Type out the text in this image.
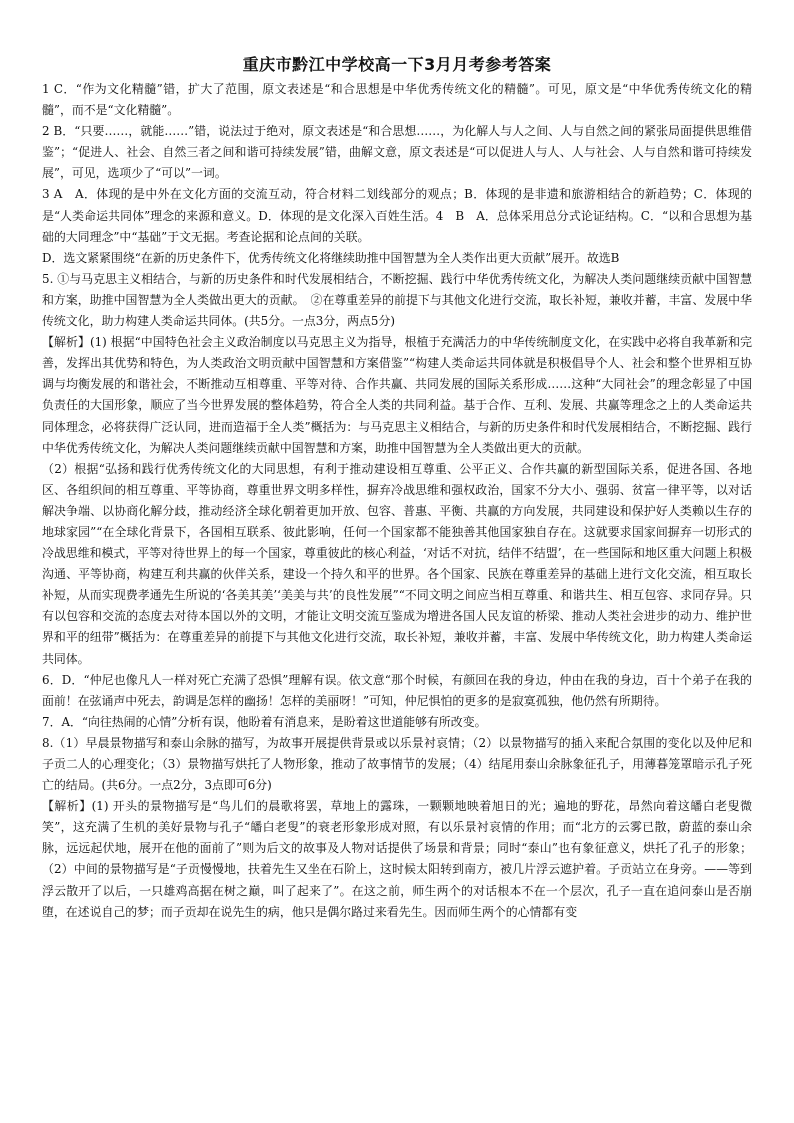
重庆市黔江中学校高一下3月月考参考答案

1 C．“作为文化精髓”错，扩大了范围，原文表述是“和合思想是中华优秀传统文化的精髓”。可见，原文是“中华优秀传统文化的精髓”，而不是“文化精髓”。

2 B．“只要……，就能……”错，说法过于绝对，原文表述是“和合思想……，为化解人与人之间、人与自然之间的紧张局面提供思维借鉴”；“促进人、社会、自然三者之间和谐可持续发展”错，曲解文意，原文表述是“可以促进人与人、人与社会、人与自然和谐可持续发展”，可见，选项少了“可以”一词。

3 A　A．体现的是中外在文化方面的交流互动，符合材料二划线部分的观点；B．体现的是非遗和旅游相结合的新趋势；C．体现的是“人类命运共同体”理念的来源和意义。D．体现的是文化深入百姓生活。4　B　A．总体采用总分式论证结构。C．“以和合思想为基础的大同理念”中“基础”于文无据。考查论据和论点间的关联。

D．选文紧紧围绕“在新的历史条件下，优秀传统文化将继续助推中国智慧为全人类作出更大贡献”展开。故选B

5. ①与马克思主义相结合，与新的历史条件和时代发展相结合，不断挖掘、践行中华优秀传统文化，为解决人类问题继续贡献中国智慧和方案，助推中国智慧为全人类做出更大的贡献。　②在尊重差异的前提下与其他文化进行交流，取长补短，兼收并蓄，丰富、发展中华传统文化，助力构建人类命运共同体。(共5分。一点3分，两点5分)

【解析】(1) 根据“中国特色社会主义政治制度以马克思主义为指导，根植于充满活力的中华传统制度文化，在实践中必将自我革新和完善，发挥出其优势和特色，为人类政治文明贡献中国智慧和方案借鉴”“构建人类命运共同体就是积极倡导个人、社会和整个世界相互协调与均衡发展的和谐社会，不断推动互相尊重、平等对待、合作共赢、共同发展的国际关系形成……这种“大同社会”的理念彰显了中国负责任的大国形象，顺应了当今世界发展的整体趋势，符合全人类的共同利益。基于合作、互利、发展、共赢等理念之上的人类命运共同体理念，必将获得广泛认同，进而造福于全人类”概括为：与马克思主义相结合，与新的历史条件和时代发展相结合，不断挖掘、践行中华优秀传统文化，为解决人类问题继续贡献中国智慧和方案，助推中国智慧为全人类做出更大的贡献。

（2）根据“弘扬和践行优秀传统文化的大同思想，有利于推动建设相互尊重、公平正义、合作共赢的新型国际关系，促进各国、各地区、各组织间的相互尊重、平等协商，尊重世界文明多样性，摒弃冷战思维和强权政治，国家不分大小、强弱、贫富一律平等，以对话解决争端、以协商化解分歧，推动经济全球化朝着更加开放、包容、普惠、平衡、共赢的方向发展，共同建设和保护好人类赖以生存的地球家园”“在全球化背景下，各国相互联系、彼此影响，任何一个国家都不能独善其他国家独自存在。这就要求国家间摒弃一切形式的冷战思维和模式，平等对待世界上的每一个国家，尊重彼此的核心利益，‘对话不对抗，结伴不结盟’，在一些国际和地区重大问题上积极沟通、平等协商，构建互利共赢的伙伴关系，建设一个持久和平的世界。各个国家、民族在尊重差异的基础上进行文化交流，相互取长补短，从而实现费孝通先生所说的‘各美其美’‘美美与共’的良性发展”“不同文明之间应当相互尊重、和谐共生、相互包容、求同存异。只有以包容和交流的态度去对待本国以外的文明，才能让文明交流互鉴成为增进各国人民友谊的桥梁、推动人类社会进步的动力、维护世界和平的纽带”概括为：在尊重差异的前提下与其他文化进行交流，取长补短，兼收并蓄，丰富、发展中华传统文化，助力构建人类命运共同体。

6．D．“仲尼也像凡人一样对死亡充满了恐惧”理解有误。依文意“那个时候，有颜回在我的身边，仲由在我的身边，百十个弟子在我的面前！在弦诵声中死去，韵调是怎样的幽扬！怎样的美丽呀！”可知，仲尼惧怕的更多的是寂寞孤独，他仍然有所期待。

7．A．“向往热闹的心情”分析有误，他盼着有消息来，是盼着这世道能够有所改变。

8.（1）早晨景物描写和泰山余脉的描写，为故事开展提供背景或以乐景衬哀情；（2）以景物描写的插入来配合氛围的变化以及仲尼和子贡二人的心理变化；（3）景物描写烘托了人物形象，推动了故事情节的发展；（4）结尾用泰山余脉象征孔子，用薄暮笼罩暗示孔子死亡的结局。(共6分。一点2分，3点即可6分)

【解析】(1) 开头的景物描写是“鸟儿们的晨歌将罢，草地上的露珠，一颗颗地映着旭日的光；遍地的野花，昂然向着这皤白老叟微笑”，这充满了生机的美好景物与孔子“皤白老叟”的衰老形象形成对照，有以乐景衬哀情的作用；而“北方的云雾已散，蔚蓝的泰山余脉，远远起伏地，展开在他的面前了”则为后文的故事及人物对话提供了场景和背景；同时“泰山”也有象征意义，烘托了孔子的形象；（2）中间的景物描写是“子贡慢慢地，扶着先生又坐在石阶上，这时候太阳转到南方，被几片浮云遮护着。子贡站立在身旁。——等到浮云散开了以后，一只雄鸡高据在树之巅，叫了起来了”。在这之前，师生两个的对话根本不在一个层次，孔子一直在追问泰山是否崩堕，在述说自己的梦；而子贡却在说先生的病，他只是偶尔路过来看先生。因而师生两个的心情都有变
